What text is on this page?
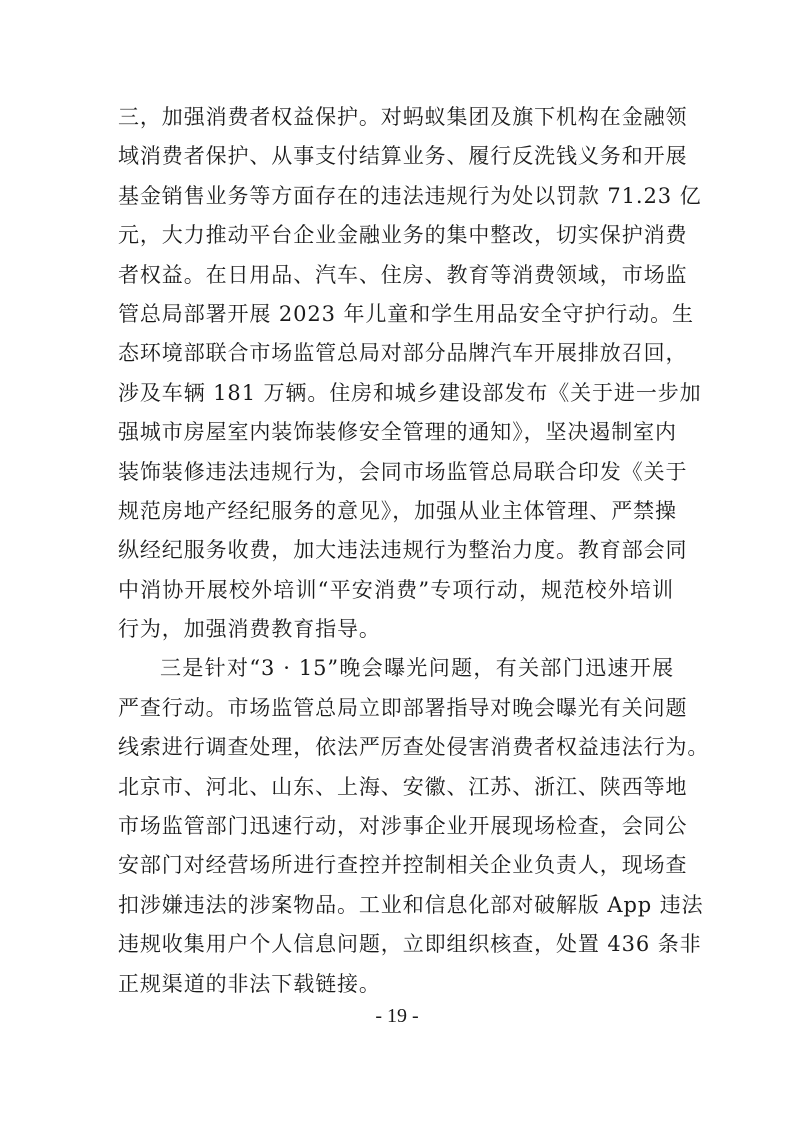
三，加强消费者权益保护。对蚂蚁集团及旗下机构在金融领
域消费者保护、从事支付结算业务、履行反洗钱义务和开展
基金销售业务等方面存在的违法违规行为处以罚款 71.23 亿
元，大力推动平台企业金融业务的集中整改，切实保护消费
者权益。在日用品、汽车、住房、教育等消费领域，市场监
管总局部署开展 2023 年儿童和学生用品安全守护行动。生
态环境部联合市场监管总局对部分品牌汽车开展排放召回，
涉及车辆 181 万辆。住房和城乡建设部发布《关于进一步加
强城市房屋室内装饰装修安全管理的通知》，坚决遏制室内
装饰装修违法违规行为，会同市场监管总局联合印发《关于
规范房地产经纪服务的意见》，加强从业主体管理、严禁操
纵经纪服务收费，加大违法违规行为整治力度。教育部会同
中消协开展校外培训“平安消费”专项行动，规范校外培训
行为，加强消费教育指导。
三是针对“3 · 15”晚会曝光问题，有关部门迅速开展
严查行动。市场监管总局立即部署指导对晚会曝光有关问题
线索进行调查处理，依法严厉查处侵害消费者权益违法行为。
北京市、河北、山东、上海、安徽、江苏、浙江、陕西等地
市场监管部门迅速行动，对涉事企业开展现场检查，会同公
安部门对经营场所进行查控并控制相关企业负责人，现场查
扣涉嫌违法的涉案物品。工业和信息化部对破解版 App 违法
违规收集用户个人信息问题，立即组织核查，处置 436 条非
正规渠道的非法下载链接。
- 19 -
